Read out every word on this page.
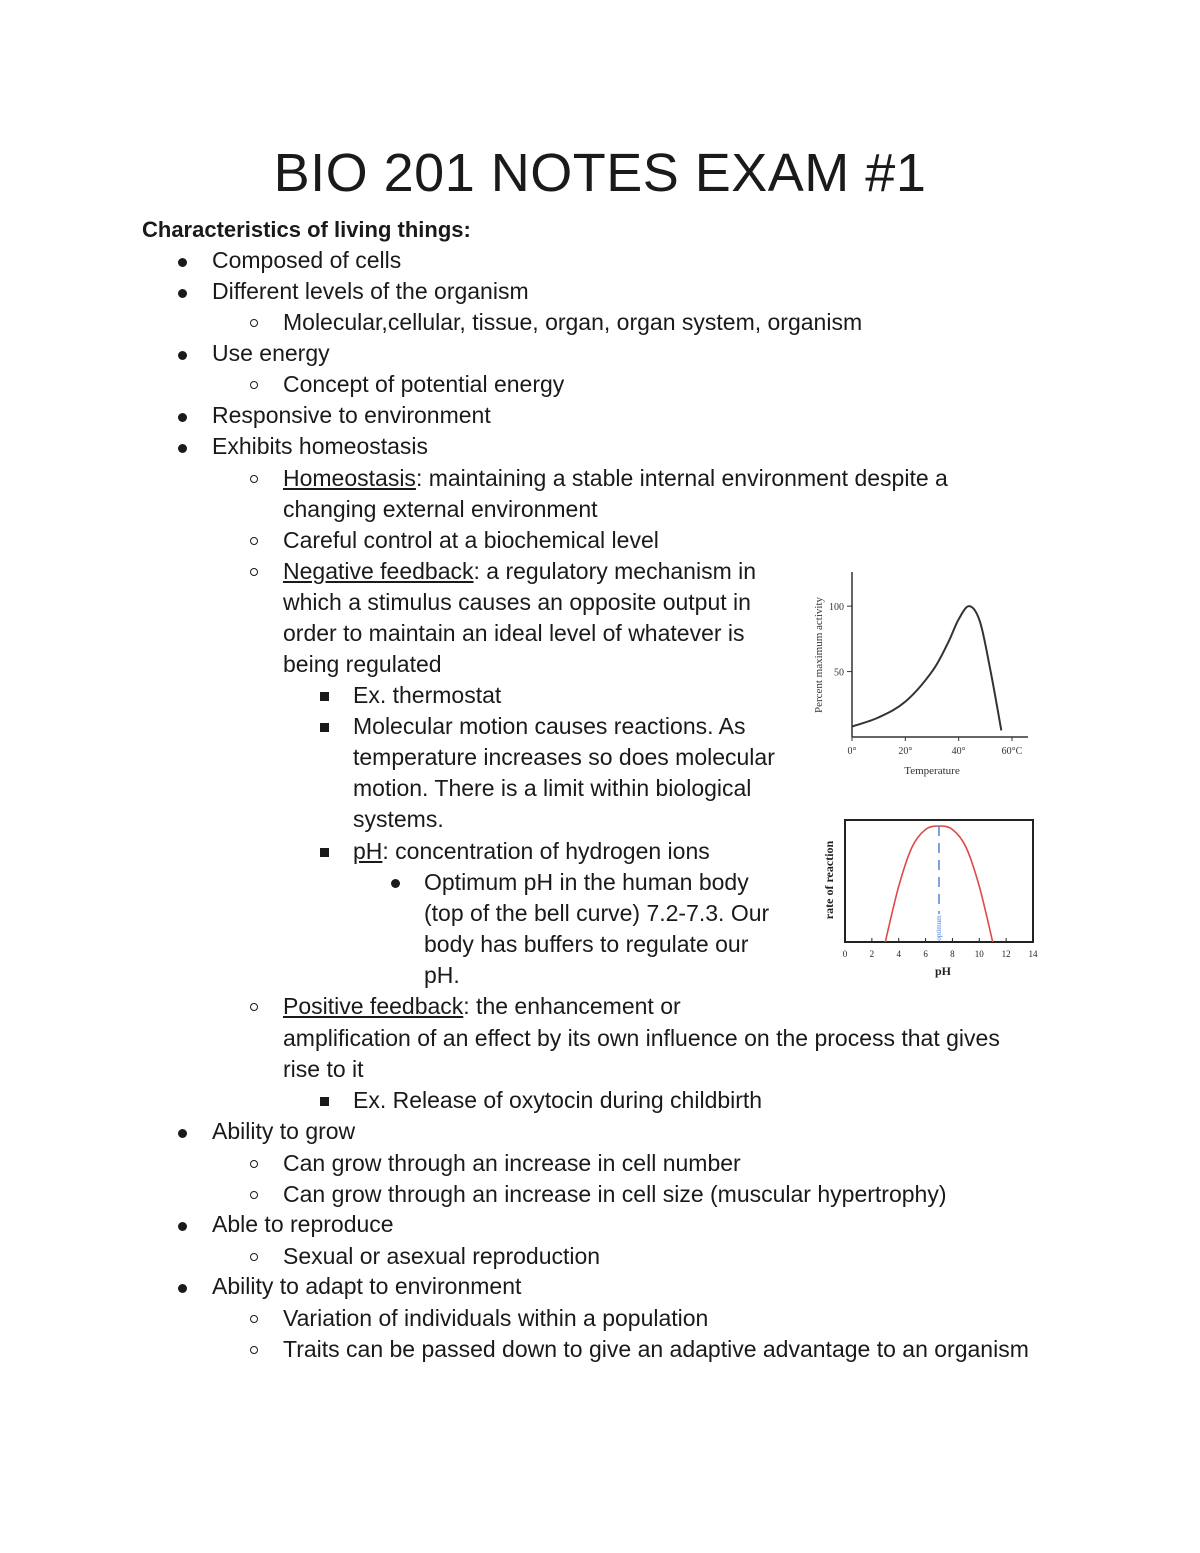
BIO 201 NOTES EXAM #1
Characteristics of living things:
Composed of cells
Different levels of the organism
Molecular,cellular, tissue, organ, organ system, organism
Use energy
Concept of potential energy
Responsive to environment
Exhibits homeostasis
Homeostasis: maintaining a stable internal environment despite a
changing external environment
Careful control at a biochemical level
Negative feedback: a regulatory mechanism in
which a stimulus causes an opposite output in
order to maintain an ideal level of whatever is
being regulated
Ex. thermostat
Molecular motion causes reactions. As
temperature increases so does molecular
motion. There is a limit within biological
systems.
pH: concentration of hydrogen ions
Optimum pH in the human body
(top of the bell curve) 7.2-7.3. Our
body has buffers to regulate our
pH.
Positive feedback: the enhancement or
amplification of an effect by its own influence on the process that gives
rise to it
Ex. Release of oxytocin during childbirth
Ability to grow
Can grow through an increase in cell number
Can grow through an increase in cell size (muscular hypertrophy)
Able to reproduce
Sexual or asexual reproduction
Ability to adapt to environment
Variation of individuals within a population
Traits can be passed down to give an adaptive advantage to an organism
0°	20°	40°	60°C
50
100
Percent maximum activity
Temperature
0 2 4 6 8 10 12 14
optimum
rate of reaction
pH
